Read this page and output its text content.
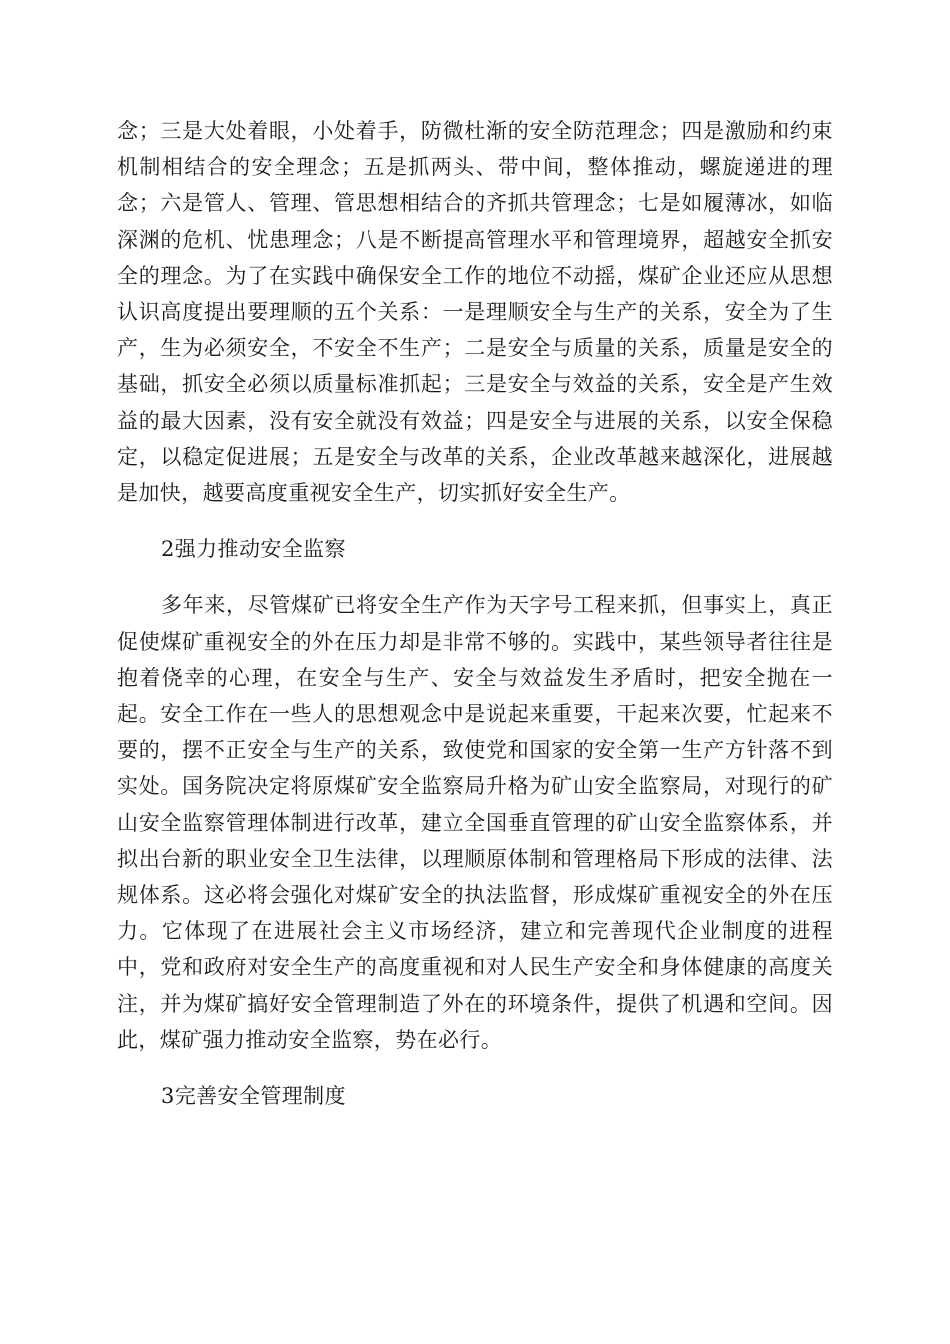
念；三是大处着眼，小处着手，防微杜渐的安全防范理念；四是激励和约束机制相结合的安全理念；五是抓两头、带中间，整体推动，螺旋递进的理念；六是管人、管理、管思想相结合的齐抓共管理念；七是如履薄冰，如临深渊的危机、忧患理念；八是不断提高管理水平和管理境界，超越安全抓安全的理念。为了在实践中确保安全工作的地位不动摇，煤矿企业还应从思想认识高度提出要理顺的五个关系：一是理顺安全与生产的关系，安全为了生产，生为必须安全，不安全不生产；二是安全与质量的关系，质量是安全的基础，抓安全必须以质量标准抓起；三是安全与效益的关系，安全是产生效益的最大因素，没有安全就没有效益；四是安全与进展的关系，以安全保稳定，以稳定促进展；五是安全与改革的关系，企业改革越来越深化，进展越是加快，越要高度重视安全生产，切实抓好安全生产。

2强力推动安全监察

多年来，尽管煤矿已将安全生产作为天字号工程来抓，但事实上，真正促使煤矿重视安全的外在压力却是非常不够的。实践中，某些领导者往往是抱着侥幸的心理，在安全与生产、安全与效益发生矛盾时，把安全抛在一起。安全工作在一些人的思想观念中是说起来重要，干起来次要，忙起来不要的，摆不正安全与生产的关系，致使党和国家的安全第一生产方针落不到实处。国务院决定将原煤矿安全监察局升格为矿山安全监察局，对现行的矿山安全监察管理体制进行改革，建立全国垂直管理的矿山安全监察体系，并拟出台新的职业安全卫生法律，以理顺原体制和管理格局下形成的法律、法规体系。这必将会强化对煤矿安全的执法监督，形成煤矿重视安全的外在压力。它体现了在进展社会主义市场经济，建立和完善现代企业制度的进程中，党和政府对安全生产的高度重视和对人民生产安全和身体健康的高度关注，并为煤矿搞好安全管理制造了外在的环境条件，提供了机遇和空间。因此，煤矿强力推动安全监察，势在必行。

3完善安全管理制度
